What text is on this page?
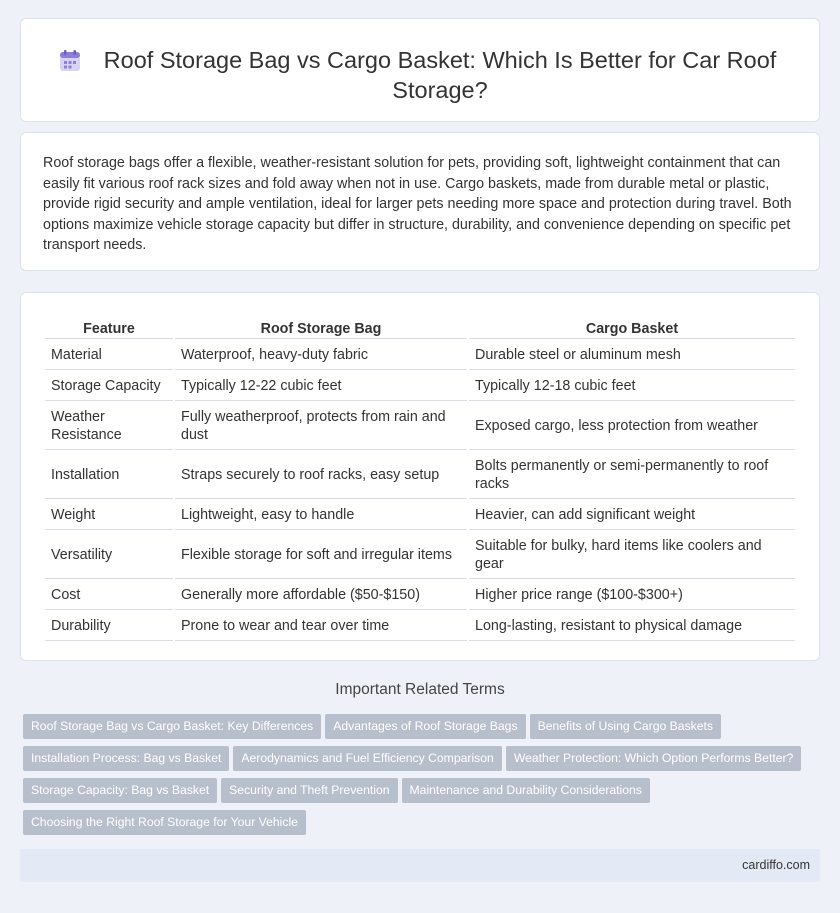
Roof Storage Bag vs Cargo Basket: Which Is Better for Car Roof Storage?

Roof storage bags offer a flexible, weather-resistant solution for pets, providing soft, lightweight containment that can easily fit various roof rack sizes and fold away when not in use. Cargo baskets, made from durable metal or plastic, provide rigid security and ample ventilation, ideal for larger pets needing more space and protection during travel. Both options maximize vehicle storage capacity but differ in structure, durability, and convenience depending on specific pet transport needs.

Feature	Roof Storage Bag	Cargo Basket
Material	Waterproof, heavy-duty fabric	Durable steel or aluminum mesh
Storage Capacity	Typically 12-22 cubic feet	Typically 12-18 cubic feet
Weather Resistance	Fully weatherproof, protects from rain and dust	Exposed cargo, less protection from weather
Installation	Straps securely to roof racks, easy setup	Bolts permanently or semi-permanently to roof racks
Weight	Lightweight, easy to handle	Heavier, can add significant weight
Versatility	Flexible storage for soft and irregular items	Suitable for bulky, hard items like coolers and gear
Cost	Generally more affordable ($50-$150)	Higher price range ($100-$300+)
Durability	Prone to wear and tear over time	Long-lasting, resistant to physical damage
Important Related Terms
Roof Storage Bag vs Cargo Basket: Key Differences Advantages of Roof Storage Bags Benefits of Using Cargo Baskets
Installation Process: Bag vs Basket Aerodynamics and Fuel Efficiency Comparison Weather Protection: Which Option Performs Better?
Storage Capacity: Bag vs Basket Security and Theft Prevention Maintenance and Durability Considerations
Choosing the Right Roof Storage for Your Vehicle
cardiffo.com
